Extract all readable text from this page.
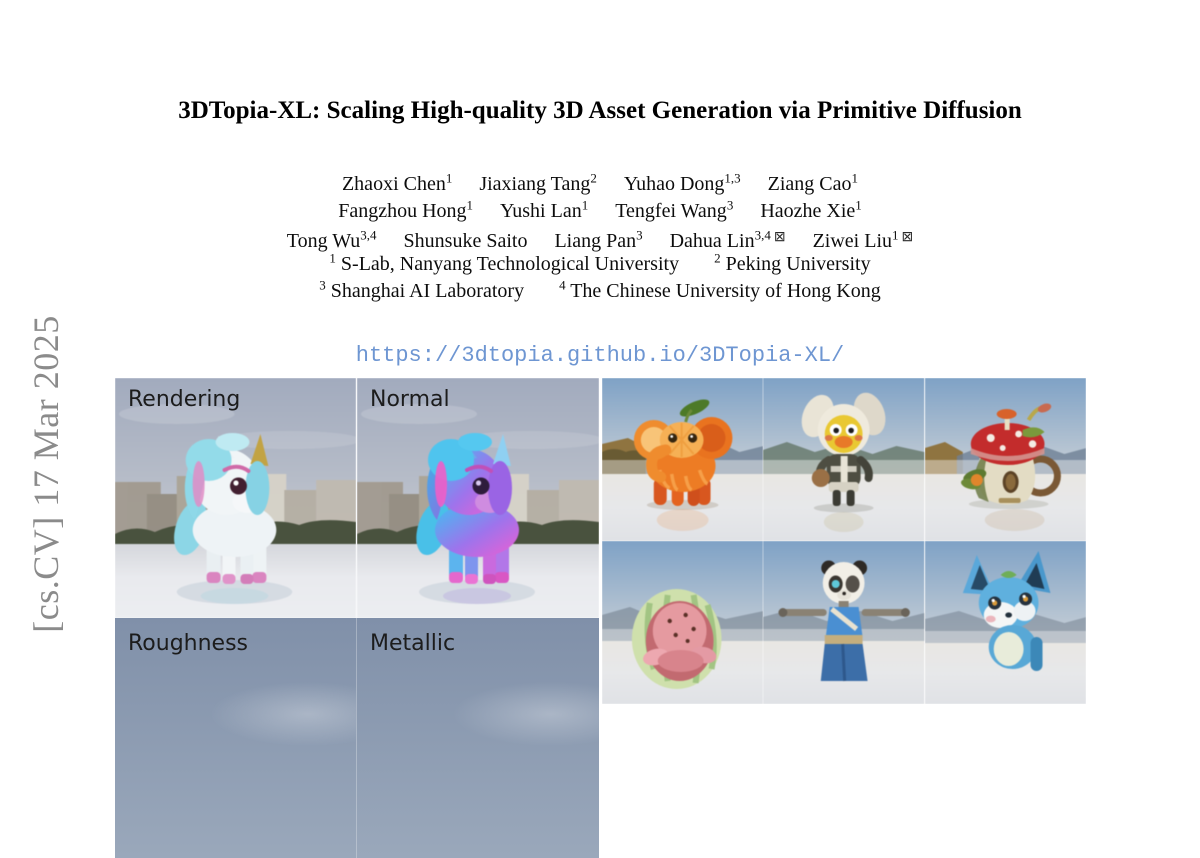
[cs.CV] 17 Mar 2025
3DTopia-XL: Scaling High-quality 3D Asset Generation via Primitive Diffusion
Zhaoxi Chen$^1$ Jiaxiang Tang$^2$ Yuhao Dong$^{1,3}$ Ziang Cao$^1$
Fangzhou Hong$^1$ Yushi Lan$^1$ Tengfei Wang$^3$ Haozhe Xie$^1$
Tong Wu$^{3,4}$ Shunsuke Saito Liang Pan$^3$ Dahua Lin$^{3,4}$ ⊠ Ziwei Liu$^1$ ⊠
$^1$ S-Lab, Nanyang Technological University	$^2$ Peking University
$^3$ Shanghai AI Laboratory	$^4$ The Chinese University of Hong Kong
https://3dtopia.github.io/3DTopia-XL/
Rendering	Normal
Roughness	Metallic
